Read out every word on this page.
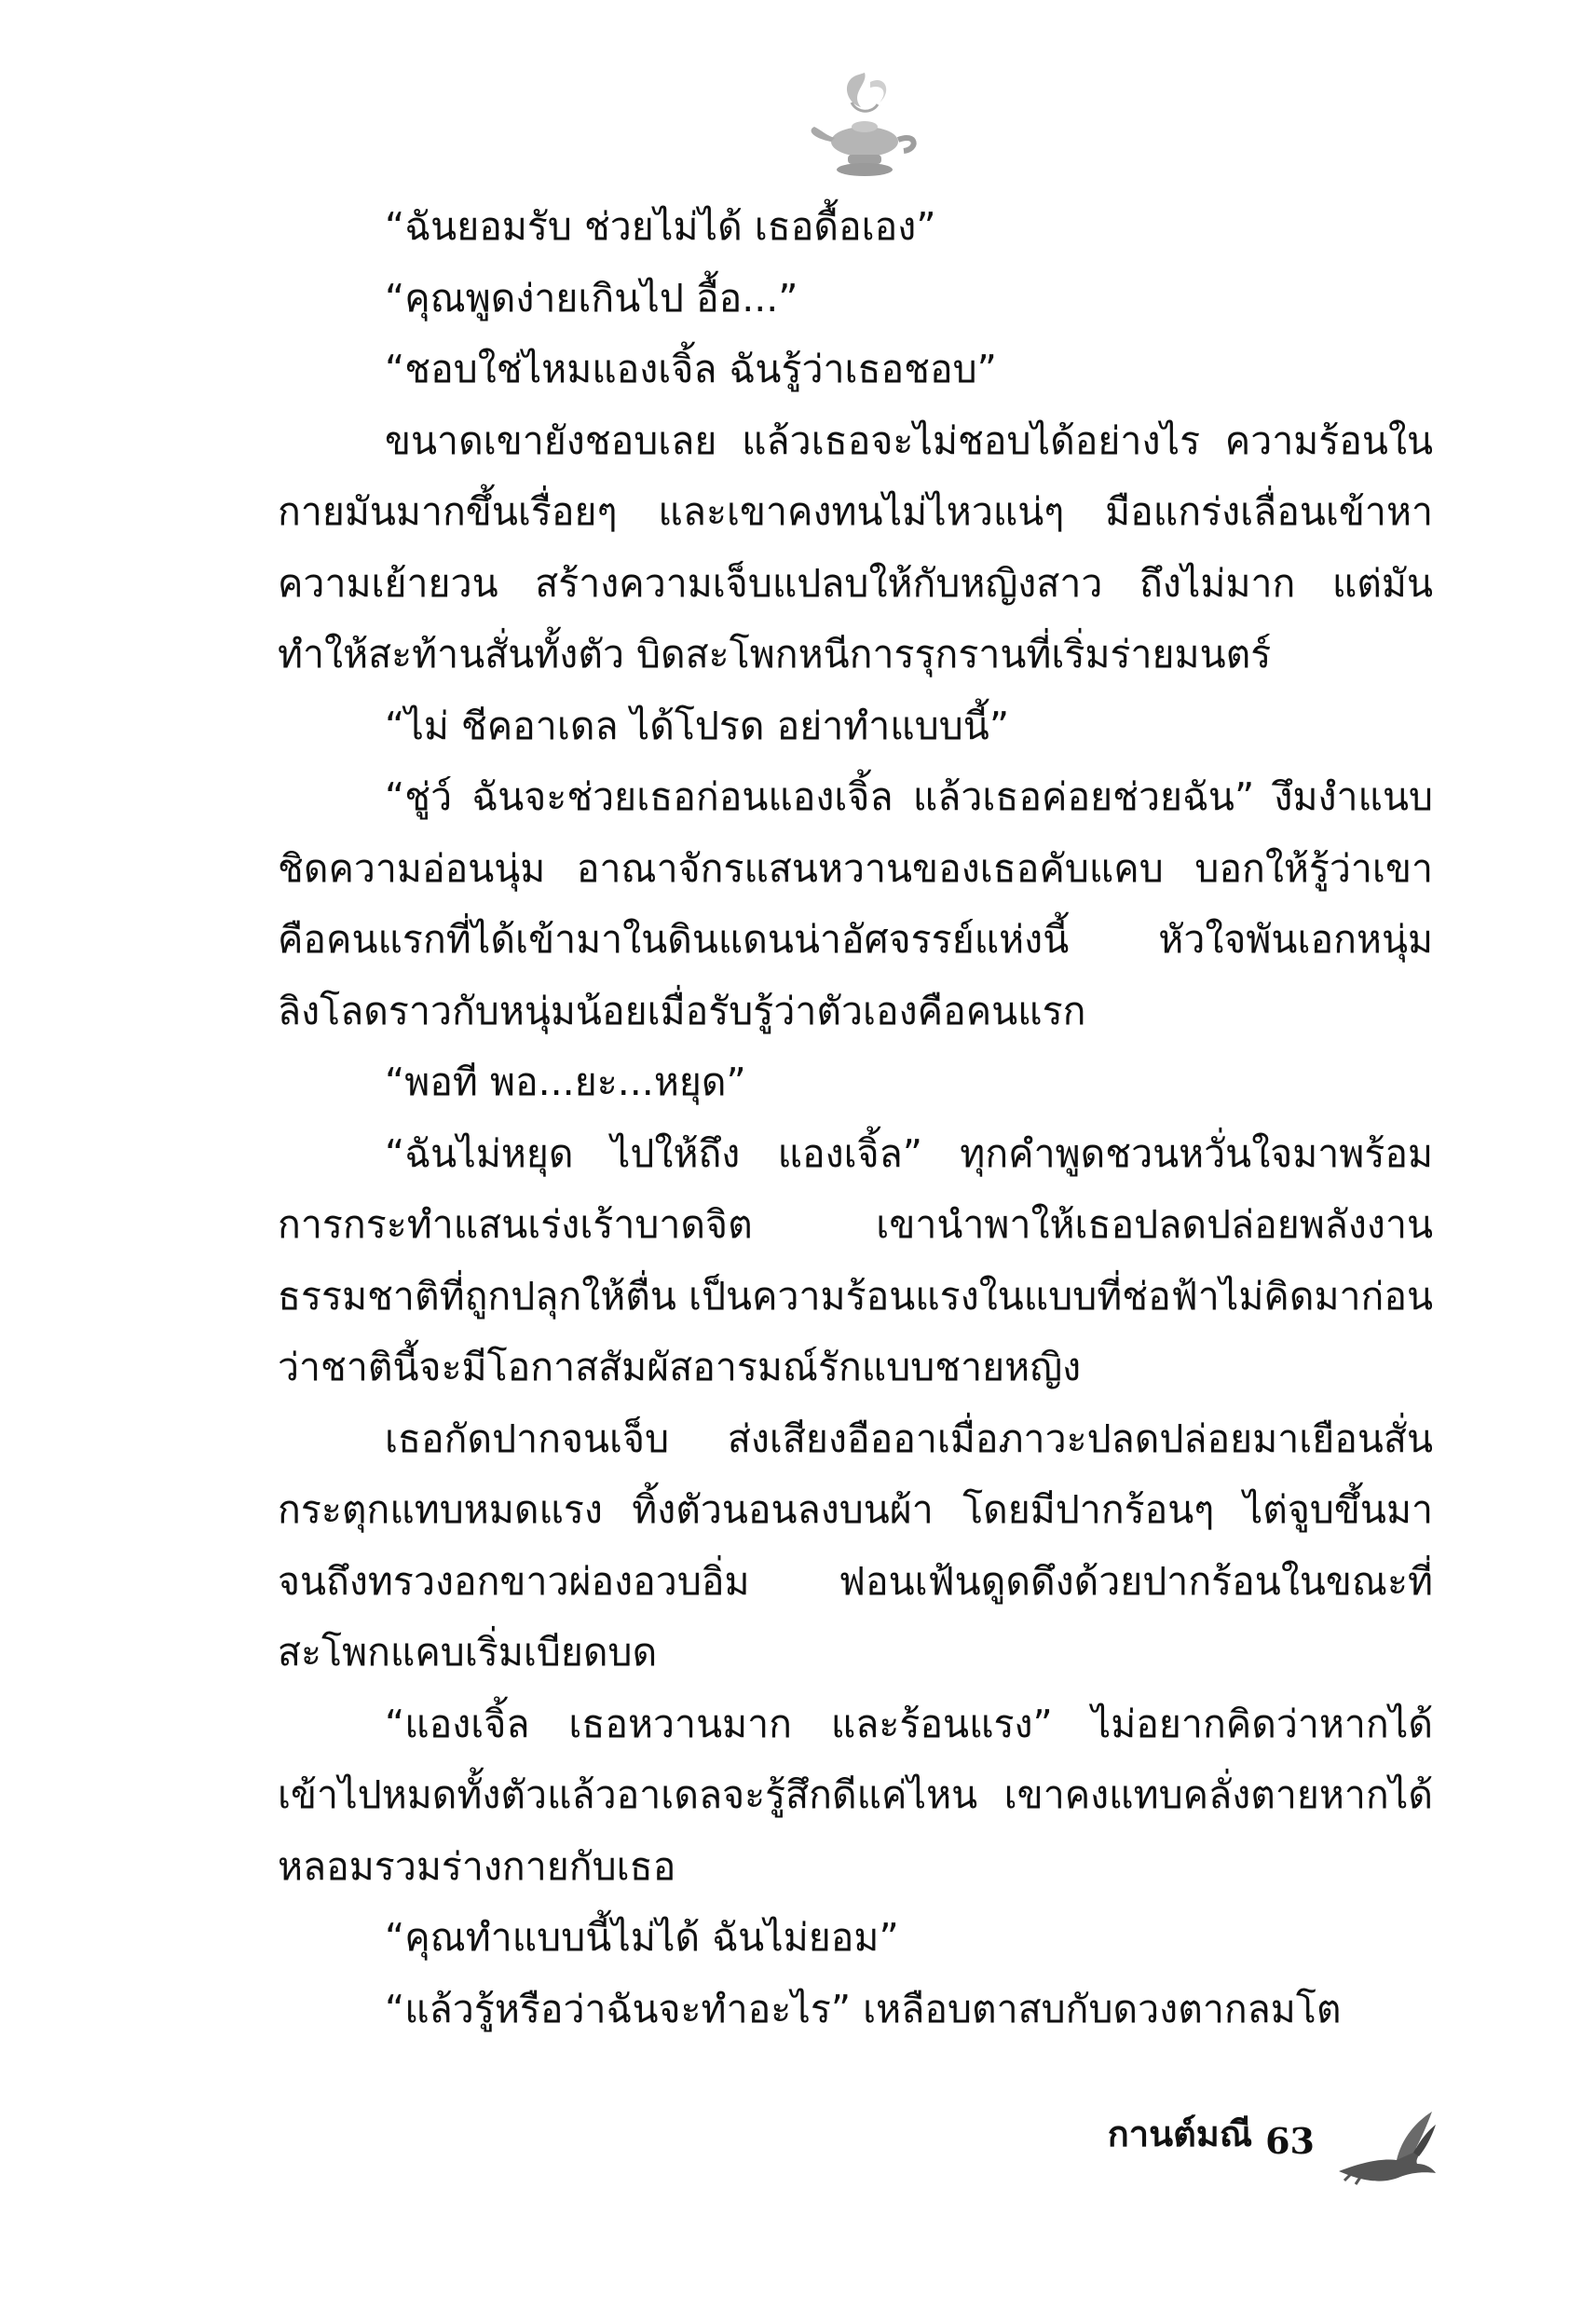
“ฉันยอมรับ ช่วยไม่ได้ เธอดื้อเอง”

“คุณพูดง่ายเกินไป อื้อ...”

“ชอบใช่ไหมแองเจิ้ล ฉันรู้ว่าเธอชอบ”

ขนาดเขายังชอบเลย แล้วเธอจะไม่ชอบได้อย่างไร ความร้อนในกายมันมากขึ้นเรื่อยๆ และเขาคงทนไม่ไหวแน่ๆ มือแกร่งเลื่อนเข้าหาความเย้ายวน สร้างความเจ็บแปลบให้กับหญิงสาว ถึงไม่มาก แต่มันทำให้สะท้านสั่นทั้งตัว บิดสะโพกหนีการรุกรานที่เริ่มร่ายมนตร์

“ไม่ ชีคอาเดล ได้โปรด อย่าทำแบบนี้”

“ชู่ว์ ฉันจะช่วยเธอก่อนแองเจิ้ล แล้วเธอค่อยช่วยฉัน” งึมงำแนบชิดความอ่อนนุ่ม อาณาจักรแสนหวานของเธอคับแคบ บอกให้รู้ว่าเขาคือคนแรกที่ได้เข้ามาในดินแดนน่าอัศจรรย์แห่งนี้ หัวใจพันเอกหนุ่มลิงโลดราวกับหนุ่มน้อยเมื่อรับรู้ว่าตัวเองคือคนแรก

“พอที พอ...ยะ...หยุด”

“ฉันไม่หยุด ไปให้ถึง แองเจิ้ล” ทุกคำพูดชวนหวั่นใจมาพร้อมการกระทำแสนเร่งเร้าบาดจิต เขานำพาให้เธอปลดปล่อยพลังงานธรรมชาติที่ถูกปลุกให้ตื่น เป็นความร้อนแรงในแบบที่ช่อฟ้าไม่คิดมาก่อนว่าชาตินี้จะมีโอกาสสัมผัสอารมณ์รักแบบชายหญิง

เธอกัดปากจนเจ็บ ส่งเสียงอืออาเมื่อภาวะปลดปล่อยมาเยือนสั่นกระตุกแทบหมดแรง ทิ้งตัวนอนลงบนผ้า โดยมีปากร้อนๆ ไต่จูบขึ้นมาจนถึงทรวงอกขาวผ่องอวบอิ่ม ฟอนเฟ้นดูดดึงด้วยปากร้อนในขณะที่สะโพกแคบเริ่มเบียดบด

“แองเจิ้ล เธอหวานมาก และร้อนแรง” ไม่อยากคิดว่าหากได้เข้าไปหมดทั้งตัวแล้วอาเดลจะรู้สึกดีแค่ไหน เขาคงแทบคลั่งตายหากได้หลอมรวมร่างกายกับเธอ

“คุณทำแบบนี้ไม่ได้ ฉันไม่ยอม”

“แล้วรู้หรือว่าฉันจะทำอะไร” เหลือบตาสบกับดวงตากลมโต

กานต์มณี 63
